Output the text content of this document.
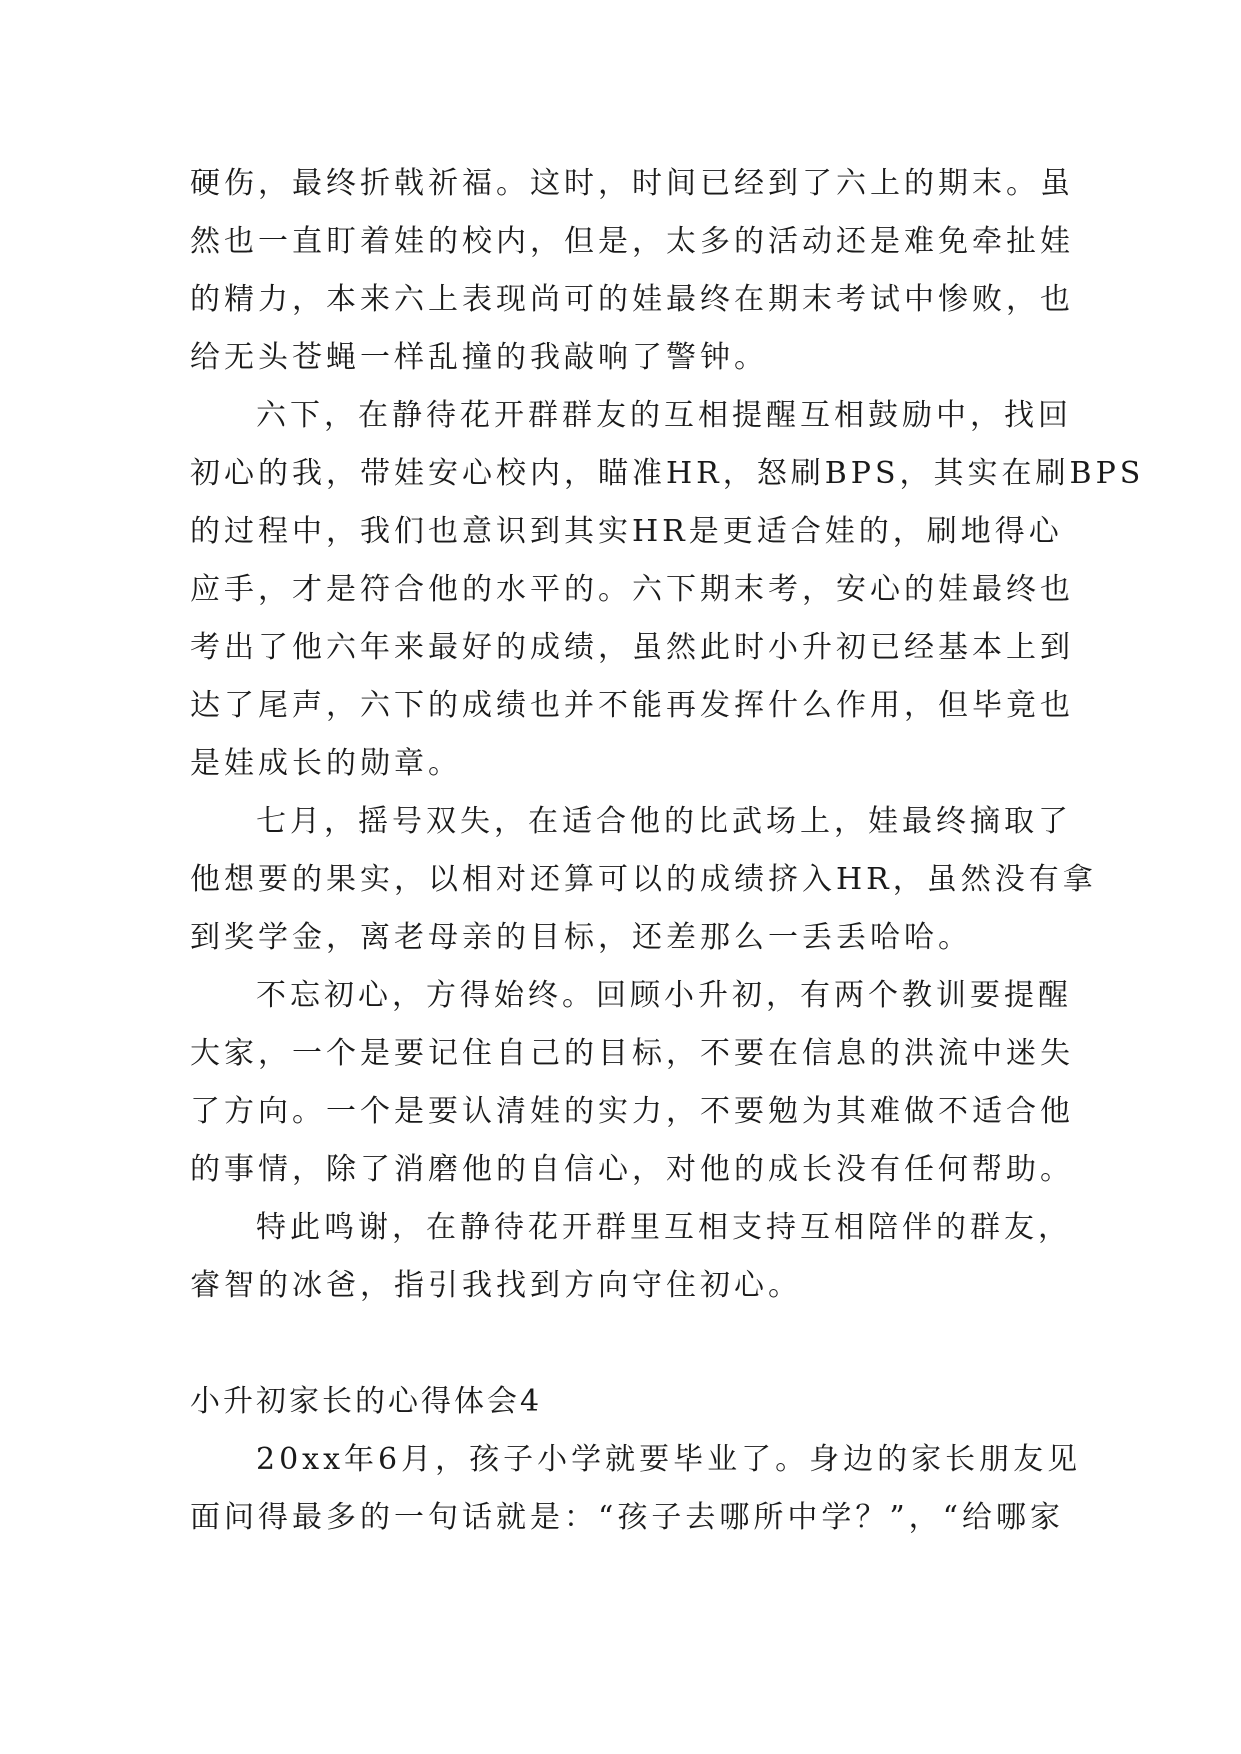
硬伤，最终折戟祈福。这时，时间已经到了六上的期末。虽
然也一直盯着娃的校内，但是，太多的活动还是难免牵扯娃
的精力，本来六上表现尚可的娃最终在期末考试中惨败，也
给无头苍蝇一样乱撞的我敲响了警钟。
六下，在静待花开群群友的互相提醒互相鼓励中，找回
初心的我，带娃安心校内，瞄准HR，怒刷BPS，其实在刷BPS
的过程中，我们也意识到其实HR是更适合娃的，刷地得心
应手，才是符合他的水平的。六下期末考，安心的娃最终也
考出了他六年来最好的成绩，虽然此时小升初已经基本上到
达了尾声，六下的成绩也并不能再发挥什么作用，但毕竟也
是娃成长的勋章。
七月，摇号双失，在适合他的比武场上，娃最终摘取了
他想要的果实，以相对还算可以的成绩挤入HR，虽然没有拿
到奖学金，离老母亲的目标，还差那么一丢丢哈哈。
不忘初心，方得始终。回顾小升初，有两个教训要提醒
大家，一个是要记住自己的目标，不要在信息的洪流中迷失
了方向。一个是要认清娃的实力，不要勉为其难做不适合他
的事情，除了消磨他的自信心，对他的成长没有任何帮助。
特此鸣谢，在静待花开群里互相支持互相陪伴的群友，
睿智的冰爸，指引我找到方向守住初心。
小升初家长的心得体会4
20xx年6月，孩子小学就要毕业了。身边的家长朋友见
面问得最多的一句话就是：“孩子去哪所中学？”，“给哪家
